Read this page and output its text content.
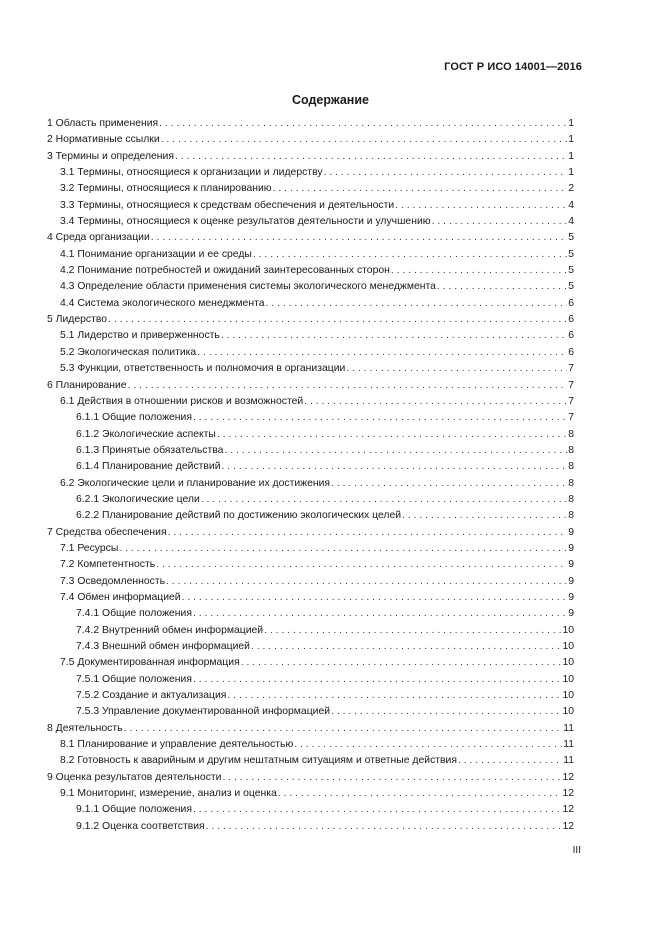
ГОСТ Р ИСО 14001—2016
Содержание
1 Область применения . . .	1
2 Нормативные ссылки . . .	1
3 Термины и определения . . .	1
3.1 Термины, относящиеся к организации и лидерству . . .	1
3.2 Термины, относящиеся к планированию . . .	2
3.3 Термины, относящиеся к средствам обеспечения и деятельности . . .	4
3.4 Термины, относящиеся к оценке результатов деятельности и улучшению . . .	4
4 Среда организации . . .	5
4.1 Понимание организации и ее среды . . .	5
4.2 Понимание потребностей и ожиданий заинтересованных сторон . . .	5
4.3 Определение области применения системы экологического менеджмента . . .	5
4.4 Система экологического менеджмента . . .	6
5 Лидерство . . .	6
5.1 Лидерство и приверженность . . .	6
5.2 Экологическая политика . . .	6
5.3 Функции, ответственность и полномочия в организации . . .	7
6 Планирование . . .	7
6.1 Действия в отношении рисков и возможностей . . .	7
6.1.1 Общие положения . . .	7
6.1.2 Экологические аспекты . . .	8
6.1.3 Принятые обязательства . . .	8
6.1.4 Планирование действий . . .	8
6.2 Экологические цели и планирование их достижения . . .	8
6.2.1 Экологические цели . . .	8
6.2.2 Планирование действий по достижению экологических целей . . .	8
7 Средства обеспечения . . .	9
7.1 Ресурсы . . .	9
7.2 Компетентность . . .	9
7.3 Осведомленность . . .	9
7.4 Обмен информацией . . .	9
7.4.1 Общие положения . . .	9
7.4.2 Внутренний обмен информацией . . .	10
7.4.3 Внешний обмен информацией . . .	10
7.5 Документированная информация . . .	10
7.5.1 Общие положения . . .	10
7.5.2 Создание и актуализация . . .	10
7.5.3 Управление документированной информацией . . .	10
8 Деятельность . . .	11
8.1 Планирование и управление деятельностью . . .	11
8.2 Готовность к аварийным и другим нештатным ситуациям и ответные действия . . .	11
9 Оценка результатов деятельности . . .	12
9.1 Мониторинг, измерение, анализ и оценка . . .	12
9.1.1 Общие положения . . .	12
9.1.2 Оценка соответствия . . .	12
III
